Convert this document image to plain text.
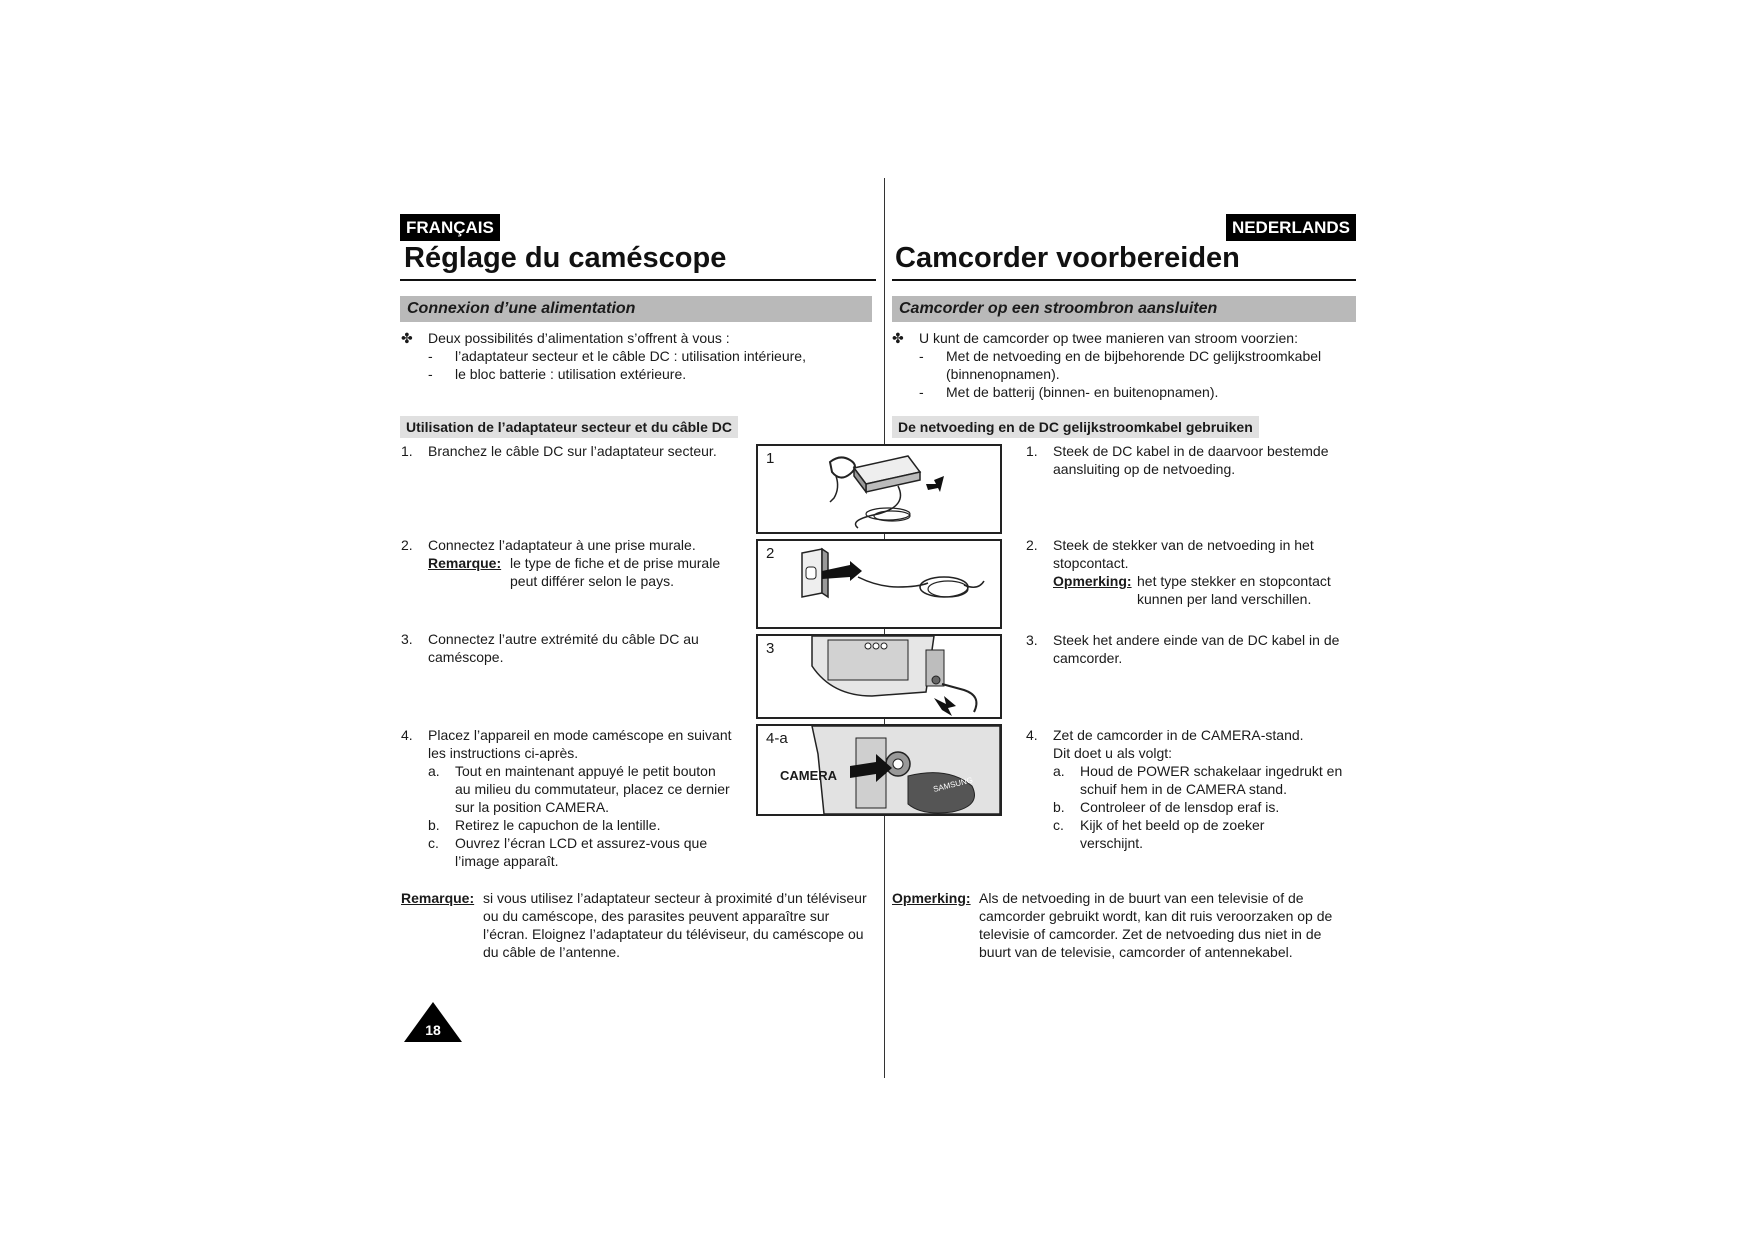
FRANÇAIS	NEDERLANDS
Réglage du caméscope	Camcorder voorbereiden
Connexion d’une alimentation	Camcorder op een stroombron aansluiten
✤ Deux possibilités d’alimentation s’offrent à vous :
- l’adaptateur secteur et le câble DC : utilisation intérieure,
- le bloc batterie : utilisation extérieure.
✤ U kunt de camcorder op twee manieren van stroom voorzien:
- Met de netvoeding en de bijbehorende DC gelijkstroomkabel
(binnenopnamen).
- Met de batterij (binnen- en buitenopnamen).
Utilisation de l’adaptateur secteur et du câble DC	De netvoeding en de DC gelijkstroomkabel gebruiken
1. Branchez le câble DC sur l’adaptateur secteur.
2. Connectez l’adaptateur à une prise murale.
Remarque: le type de fiche et de prise murale
peut différer selon le pays.
3. Connectez l’autre extrémité du câble DC au
caméscope.
4. Placez l’appareil en mode caméscope en suivant
les instructions ci-après.
a. Tout en maintenant appuyé le petit bouton
au milieu du commutateur, placez ce dernier
sur la position CAMERA.
b. Retirez le capuchon de la lentille.
c. Ouvrez l’écran LCD et assurez-vous que
l’image apparaît.
1. Steek de DC kabel in de daarvoor bestemde
aansluiting op de netvoeding.
2. Steek de stekker van de netvoeding in het
stopcontact.
Opmerking: het type stekker en stopcontact
kunnen per land verschillen.
3. Steek het andere einde van de DC kabel in de
camcorder.
4. Zet de camcorder in de CAMERA-stand.
Dit doet u als volgt:
a. Houd de POWER schakelaar ingedrukt en
schuif hem in de CAMERA stand.
b. Controleer of de lensdop eraf is.
c. Kijk of het beeld op de zoeker
verschijnt.
1
2
3
4-a
CAMERA	SAMSUNG
Remarque: si vous utilisez l’adaptateur secteur à proximité d’un téléviseur
ou du caméscope, des parasites peuvent apparaître sur
l’écran. Eloignez l’adaptateur du téléviseur, du caméscope ou
du câble de l’antenne.
Opmerking: Als de netvoeding in de buurt van een televisie of de
camcorder gebruikt wordt, kan dit ruis veroorzaken op de
televisie of camcorder. Zet de netvoeding dus niet in de
buurt van de televisie, camcorder of antennekabel.
18
